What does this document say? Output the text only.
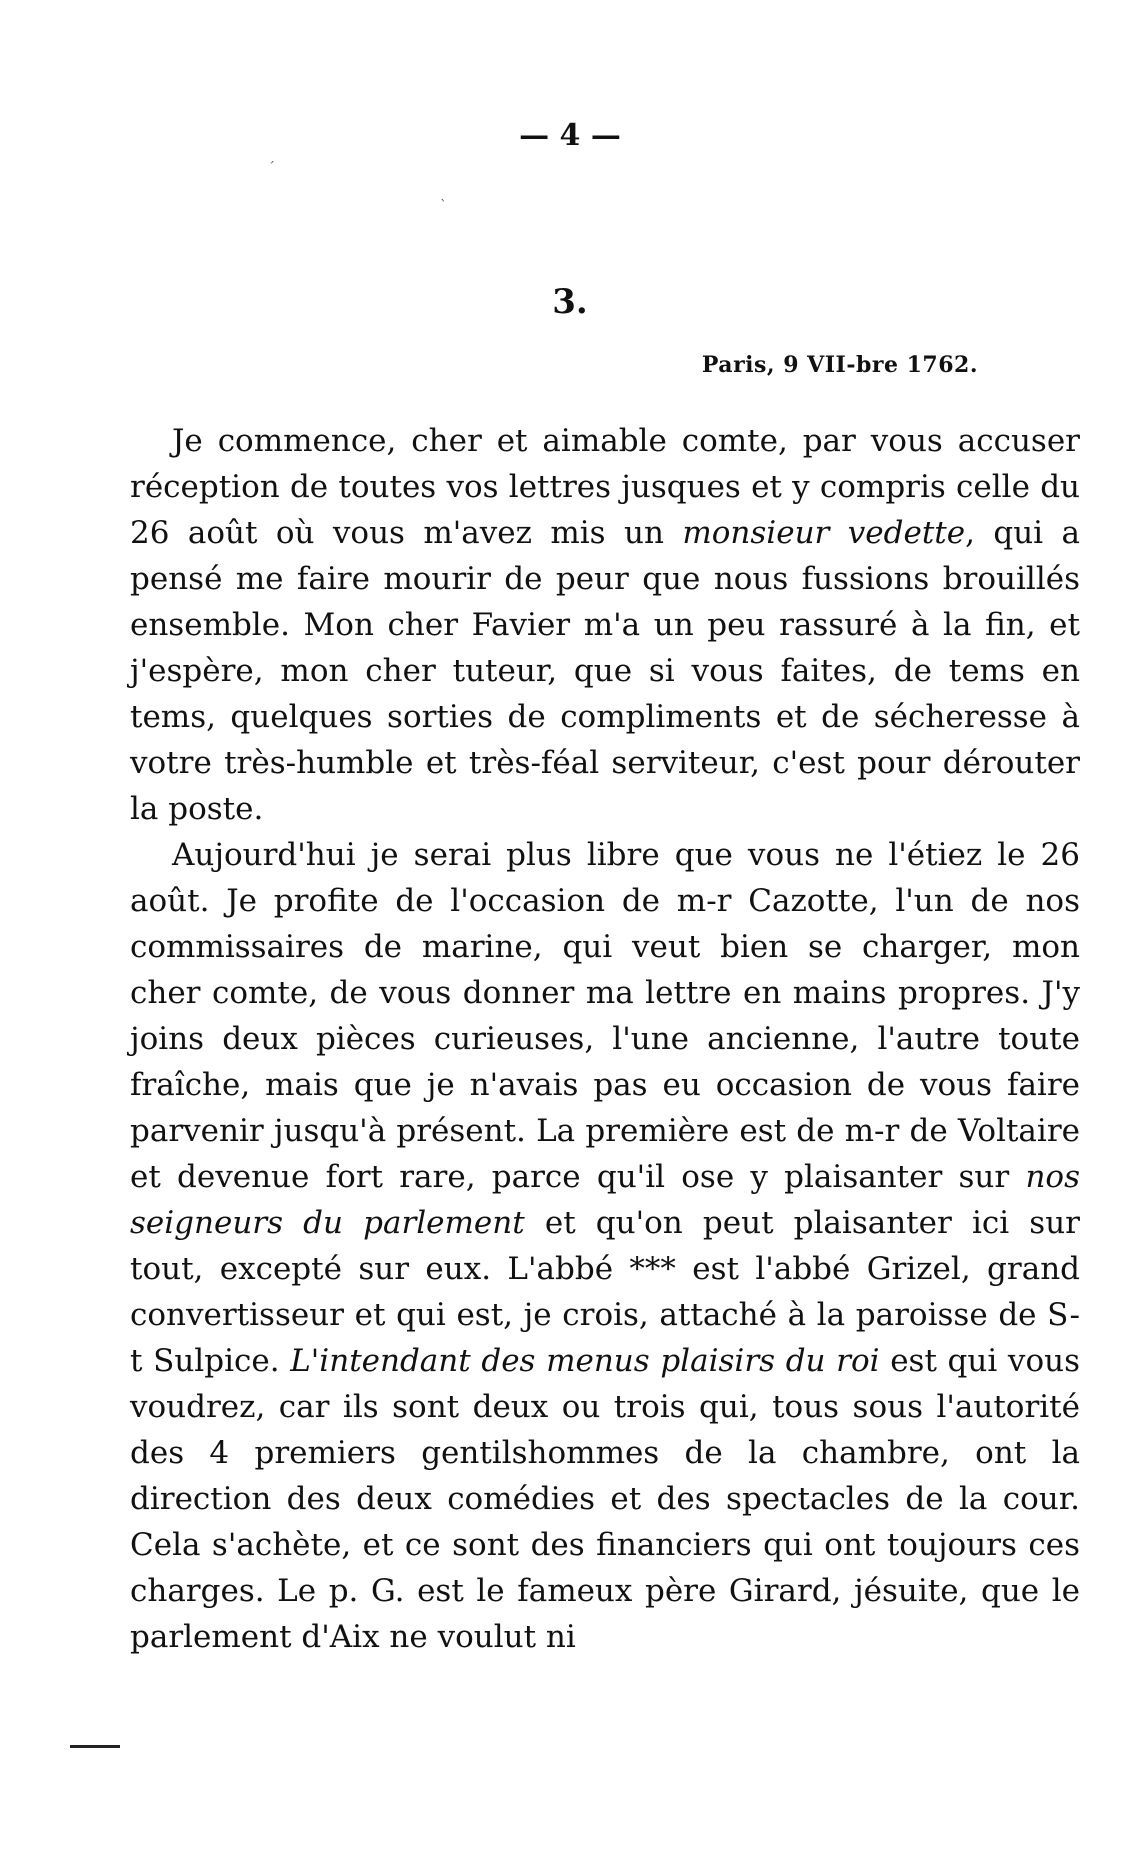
— 4 —
3.
Paris, 9 VII-bre 1762.

Je commence, cher et aimable comte, par vous accuser réception de toutes vos lettres jusques et y compris celle du 26 août où vous m'avez mis un monsieur vedette, qui a pensé me faire mourir de peur que nous fussions brouillés ensemble. Mon cher Favier m'a un peu rassuré à la fin, et j'espère, mon cher tuteur, que si vous faites, de tems en tems, quelques sorties de compliments et de sécheresse à votre très-humble et très-féal serviteur, c'est pour dérouter la poste.

Aujourd'hui je serai plus libre que vous ne l'étiez le 26 août. Je profite de l'occasion de m-r Cazotte, l'un de nos commissaires de marine, qui veut bien se charger, mon cher comte, de vous donner ma lettre en mains propres. J'y joins deux pièces curieuses, l'une ancienne, l'autre toute fraîche, mais que je n'avais pas eu occasion de vous faire parvenir jusqu'à présent. La première est de m-r de Voltaire et devenue fort rare, parce qu'il ose y plaisanter sur nos seigneurs du parlement et qu'on peut plaisanter ici sur tout, excepté sur eux. L'abbé *** est l'abbé Grizel, grand convertisseur et qui est, je crois, attaché à la paroisse de S-t Sulpice. L'intendant des menus plaisirs du roi est qui vous voudrez, car ils sont deux ou trois qui, tous sous l'autorité des 4 premiers gentilshommes de la chambre, ont la direction des deux comédies et des spectacles de la cour. Cela s'achète, et ce sont des financiers qui ont toujours ces charges. Le p. G. est le fameux père Girard, jésuite, que le parlement d'Aix ne voulut ni

´
`
